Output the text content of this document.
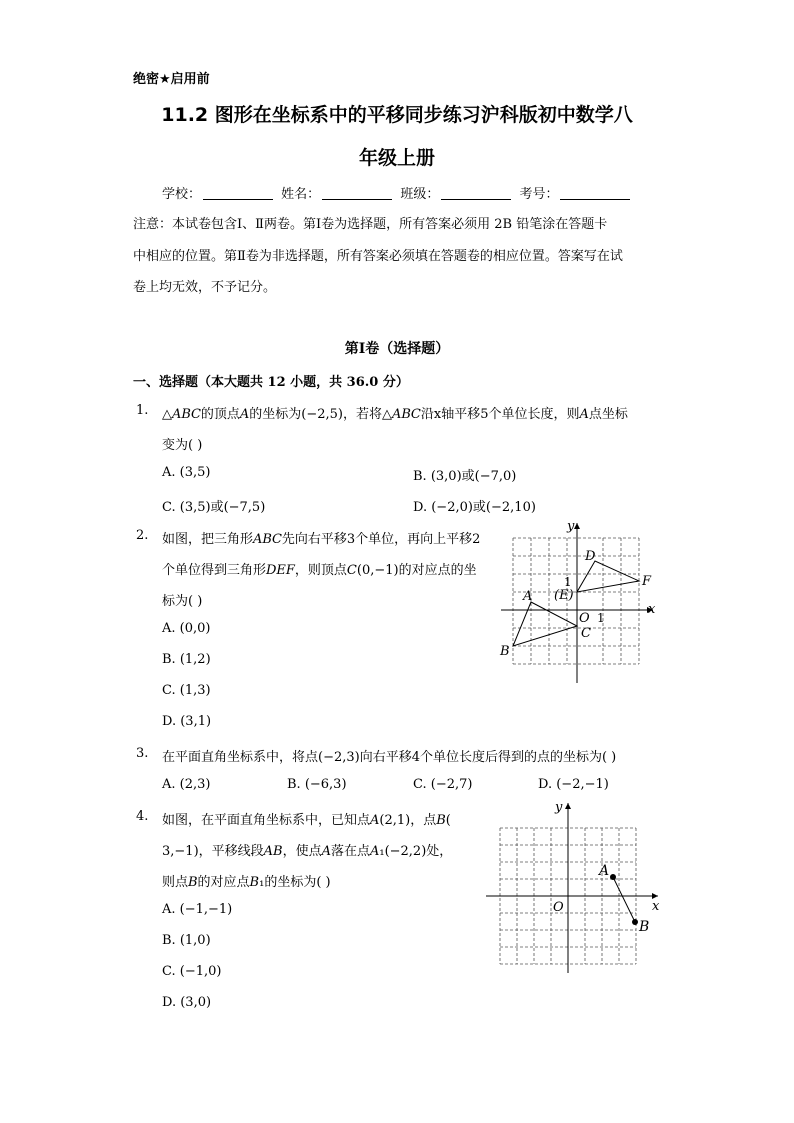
绝密★启用前
11.2 图形在坐标系中的平移同步练习沪科版初中数学八
年级上册
学校：	姓名：	班级：	考号：
注意：本试卷包含Ⅰ、Ⅱ两卷。第Ⅰ卷为选择题，所有答案必须用 2B 铅笔涂在答题卡
中相应的位置。第Ⅱ卷为非选择题，所有答案必须填在答题卷的相应位置。答案写在试
卷上均无效，不予记分。
第Ⅰ卷（选择题）
一、选择题（本大题共 12 小题，共 36.0 分）
1. △𝐴𝐵𝐶的顶点𝐴的坐标为(−2,5)，若将△𝐴𝐵𝐶沿x轴平移5个单位长度，则𝐴点坐标
变为( )
A. (3,5)	B. (3,0)或(−7,0)
C. (3,5)或(−7,5)	D. (−2,0)或(−2,10)
2. 如图，把三角形𝐴𝐵𝐶先向右平移3个单位，再向上平移2
个单位得到三角形𝐷𝐸𝐹，则顶点𝐶(0,−1)的对应点的坐
标为( )
A. (0,0)
B. (1,2)
C. (1,3)
D. (3,1)
y
x
O 1
1
A
B
C
D
(E)
F
3. 在平面直角坐标系中，将点(−2,3)向右平移4个单位长度后得到的点的坐标为( )
A. (2,3)	B. (−6,3)	C. (−2,7)	D. (−2,−1)
4. 如图，在平面直角坐标系中，已知点𝐴(2,1)，点𝐵(
3,−1)，平移线段𝐴𝐵，使点𝐴落在点𝐴₁(−2,2)处，
则点𝐵的对应点𝐵₁的坐标为( )
A. (−1,−1)
B. (1,0)
C. (−1,0)
D. (3,0)
y
x
O
A
B
